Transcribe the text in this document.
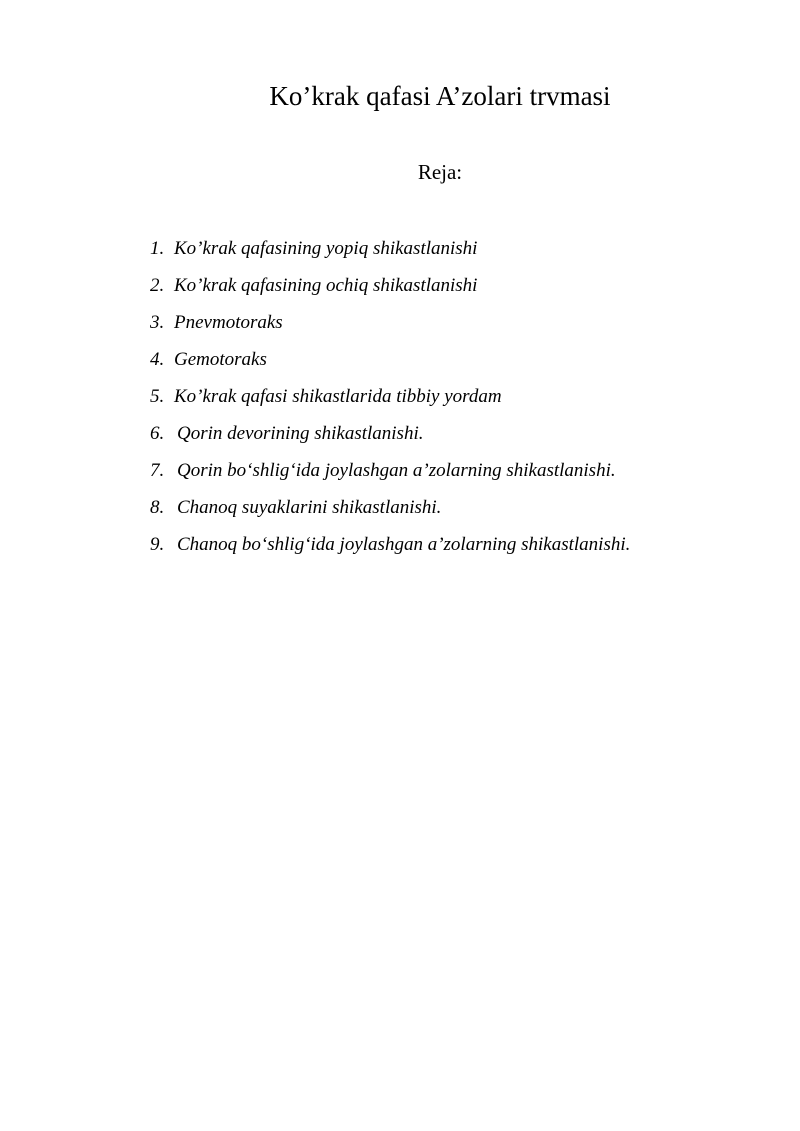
Ko’krak qafasi A’zolari trvmasi

Reja:

1. Ko’krak qafasining yopiq shikastlanishi
2. Ko’krak qafasining ochiq shikastlanishi
3. Pnevmotoraks
4. Gemotoraks
5. Ko’krak qafasi shikastlarida tibbiy yordam
6. Qorin devorining shikastlanishi.
7. Qorin bo‘shlig‘ida joylashgan a’zolarning shikastlanishi.
8. Chanoq suyaklarini shikastlanishi.
9. Chanoq bo‘shlig‘ida joylashgan a’zolarning shikastlanishi.
